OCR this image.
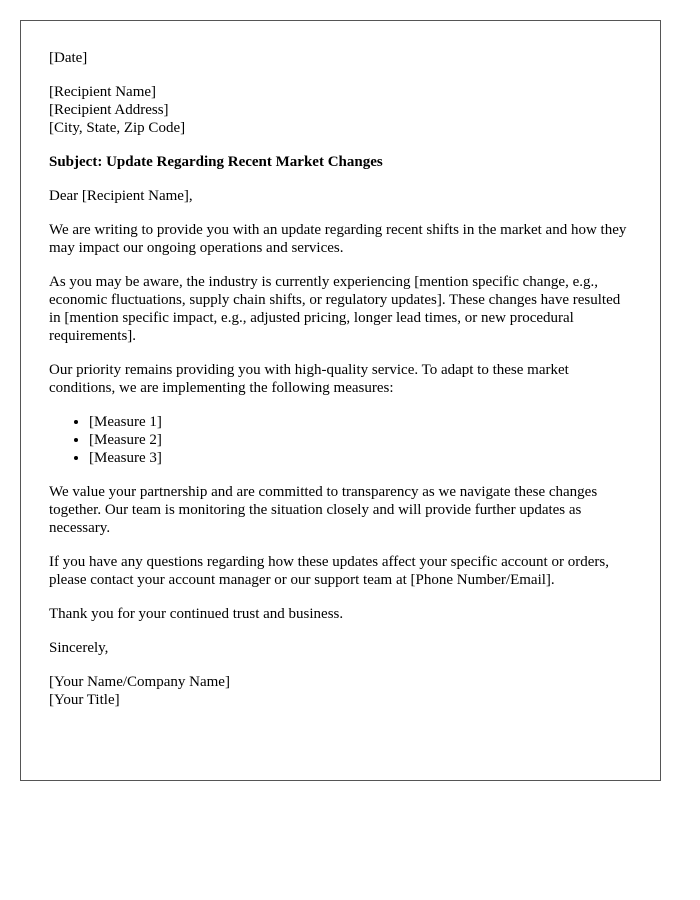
[Date]
[Recipient Name]
[Recipient Address]
[City, State, Zip Code]
Subject: Update Regarding Recent Market Changes

Dear [Recipient Name],

We are writing to provide you with an update regarding recent shifts in the market and how they may impact our ongoing operations and services.

As you may be aware, the industry is currently experiencing [mention specific change, e.g., economic fluctuations, supply chain shifts, or regulatory updates]. These changes have resulted in [mention specific impact, e.g., adjusted pricing, longer lead times, or new procedural requirements].

Our priority remains providing you with high-quality service. To adapt to these market conditions, we are implementing the following measures:

• [Measure 1]
• [Measure 2]
• [Measure 3]

We value your partnership and are committed to transparency as we navigate these changes together. Our team is monitoring the situation closely and will provide further updates as necessary.

If you have any questions regarding how these updates affect your specific account or orders, please contact your account manager or our support team at [Phone Number/Email].

Thank you for your continued trust and business.

Sincerely,

[Your Name/Company Name]
[Your Title]
